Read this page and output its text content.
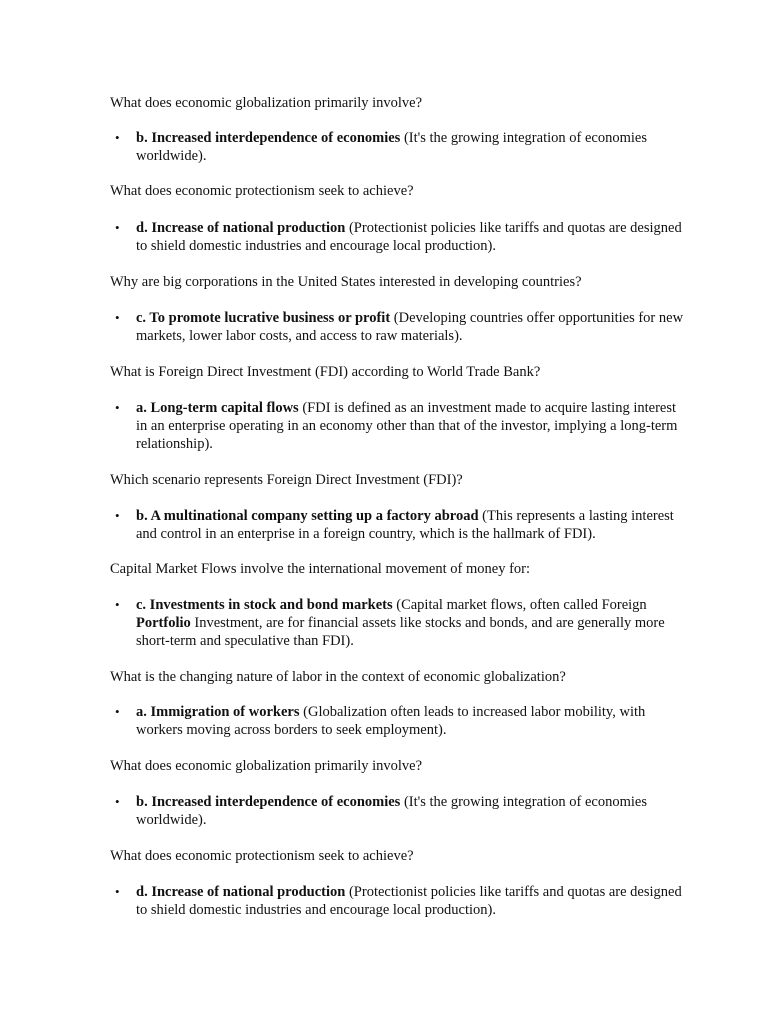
What does economic globalization primarily involve?

• b. Increased interdependence of economies (It's the growing integration of economies worldwide).

What does economic protectionism seek to achieve?

• d. Increase of national production (Protectionist policies like tariffs and quotas are designed to shield domestic industries and encourage local production).

Why are big corporations in the United States interested in developing countries?

• c. To promote lucrative business or profit (Developing countries offer opportunities for new markets, lower labor costs, and access to raw materials).

What is Foreign Direct Investment (FDI) according to World Trade Bank?

• a. Long-term capital flows (FDI is defined as an investment made to acquire lasting interest in an enterprise operating in an economy other than that of the investor, implying a long-term relationship).

Which scenario represents Foreign Direct Investment (FDI)?

• b. A multinational company setting up a factory abroad (This represents a lasting interest and control in an enterprise in a foreign country, which is the hallmark of FDI).

Capital Market Flows involve the international movement of money for:

• c. Investments in stock and bond markets (Capital market flows, often called Foreign Portfolio Investment, are for financial assets like stocks and bonds, and are generally more short-term and speculative than FDI).

What is the changing nature of labor in the context of economic globalization?

• a. Immigration of workers (Globalization often leads to increased labor mobility, with workers moving across borders to seek employment).

What does economic globalization primarily involve?

• b. Increased interdependence of economies (It's the growing integration of economies worldwide).

What does economic protectionism seek to achieve?

• d. Increase of national production (Protectionist policies like tariffs and quotas are designed to shield domestic industries and encourage local production).
